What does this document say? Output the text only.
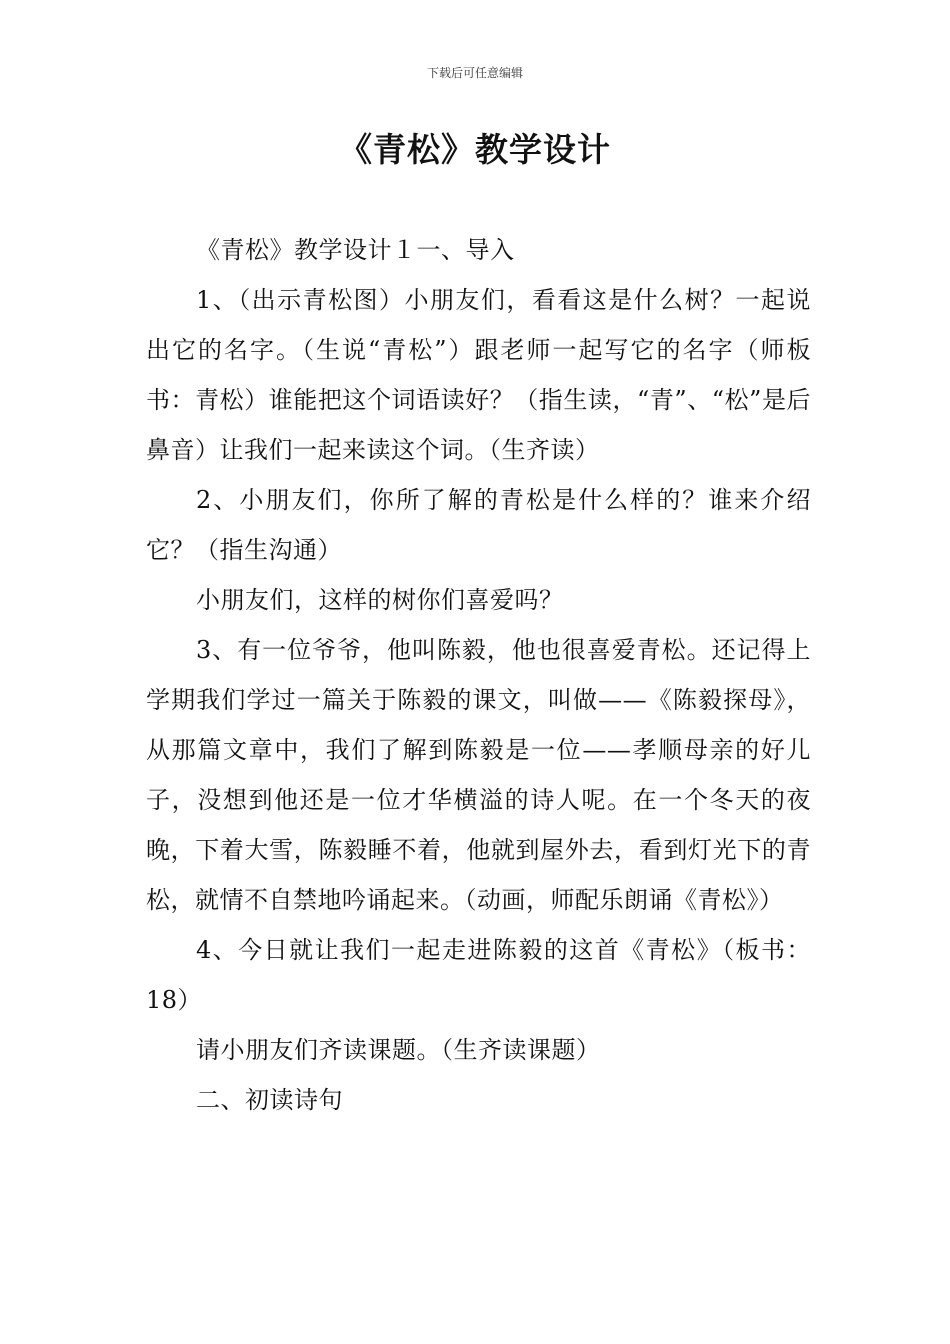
下载后可任意编辑
《青松》教学设计

《青松》教学设计１一、导入

1、（出示青松图）小朋友们，看看这是什么树？一起说出它的名字。（生说“青松”）跟老师一起写它的名字（师板书：青松）谁能把这个词语读好？（指生读，“青”、“松”是后鼻音）让我们一起来读这个词。（生齐读）

2、小朋友们，你所了解的青松是什么样的？谁来介绍它？（指生沟通）

小朋友们，这样的树你们喜爱吗？

3、有一位爷爷，他叫陈毅，他也很喜爱青松。还记得上学期我们学过一篇关于陈毅的课文，叫做——《陈毅探母》，从那篇文章中，我们了解到陈毅是一位——孝顺母亲的好儿子，没想到他还是一位才华横溢的诗人呢。在一个冬天的夜晚，下着大雪，陈毅睡不着，他就到屋外去，看到灯光下的青松，就情不自禁地吟诵起来。（动画，师配乐朗诵《青松》）

4、今日就让我们一起走进陈毅的这首《青松》（板书：18）

请小朋友们齐读课题。（生齐读课题）

二、初读诗句
